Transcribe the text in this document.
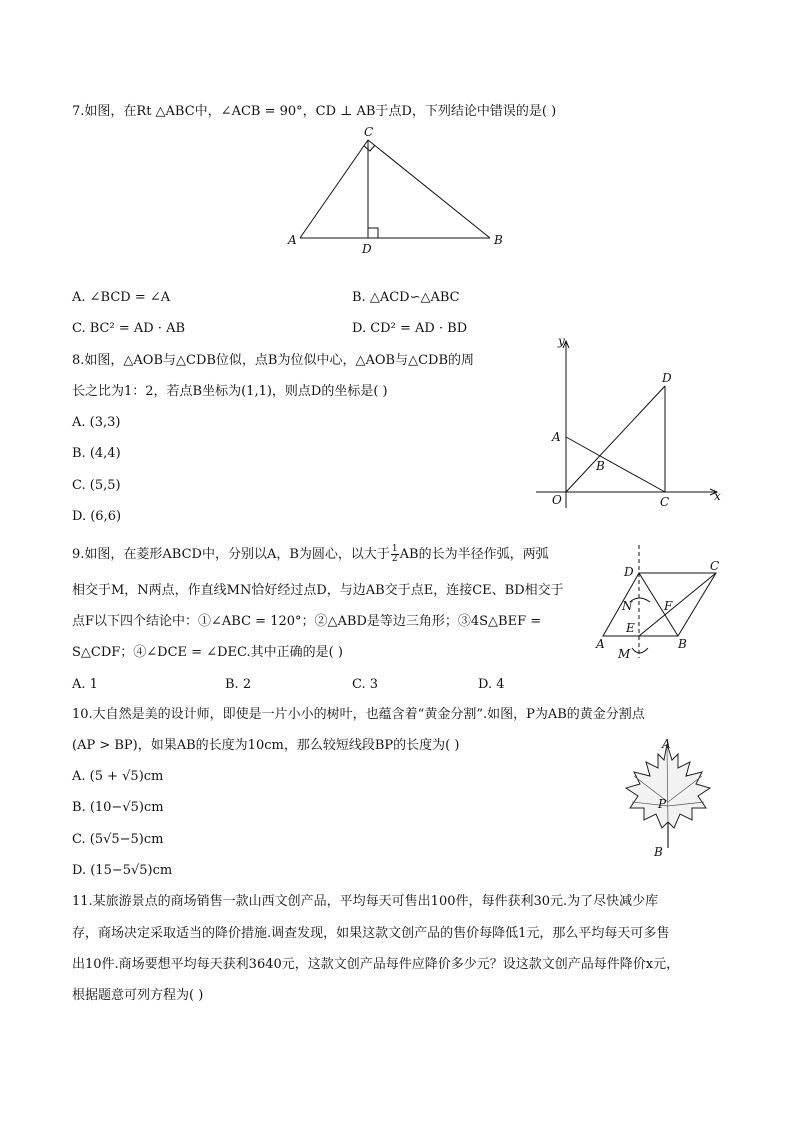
7.如图，在Rt △ABC中，∠ACB = 90°，CD ⊥ AB于点D，下列结论中错误的是( )
C
A
D
B
A. ∠BCD = ∠A	B. △ACD∽△ABC
C. BC² = AD · AB	D. CD² = AD · BD
8.如图，△AOB与△CDB位似，点B为位似中心，△AOB与△CDB的周
长之比为1：2，若点B坐标为(1,1)，则点D的坐标是( )
A. (3,3)
B. (4,4)
C. (5,5)
D. (6,6)
y
D
A
B
O	C	x
9.如图，在菱形ABCD中，分别以A，B为圆心，以大于 $\frac{1}{2}$ AB的长为半径作弧，两弧
相交于M，N两点，作直线MN恰好经过点D，与边AB交于点E，连接CE、BD相交于
点F以下四个结论中：①∠ABC = 120°；②△ABD是等边三角形；③4S△BEF =
S△CDF；④∠DCE = ∠DEC.其中正确的是( )
A. 1	B. 2	C. 3	D. 4
D	C
N	F
E
A	B
M
10.大自然是美的设计师，即使是一片小小的树叶，也蕴含着“黄金分割”.如图，P为AB的黄金分割点
(AP > BP)，如果AB的长度为10cm，那么较短线段BP的长度为( )
A. (5 + √5)cm
B. (10−√5)cm
C. (5√5−5)cm
D. (15−5√5)cm
A
P
B
11.某旅游景点的商场销售一款山西文创产品，平均每天可售出100件，每件获利30元.为了尽快减少库
存，商场决定采取适当的降价措施.调查发现，如果这款文创产品的售价每降低1元，那么平均每天可多售
出10件.商场要想平均每天获利3640元，这款文创产品每件应降价多少元？设这款文创产品每件降价x元，
根据题意可列方程为( )
